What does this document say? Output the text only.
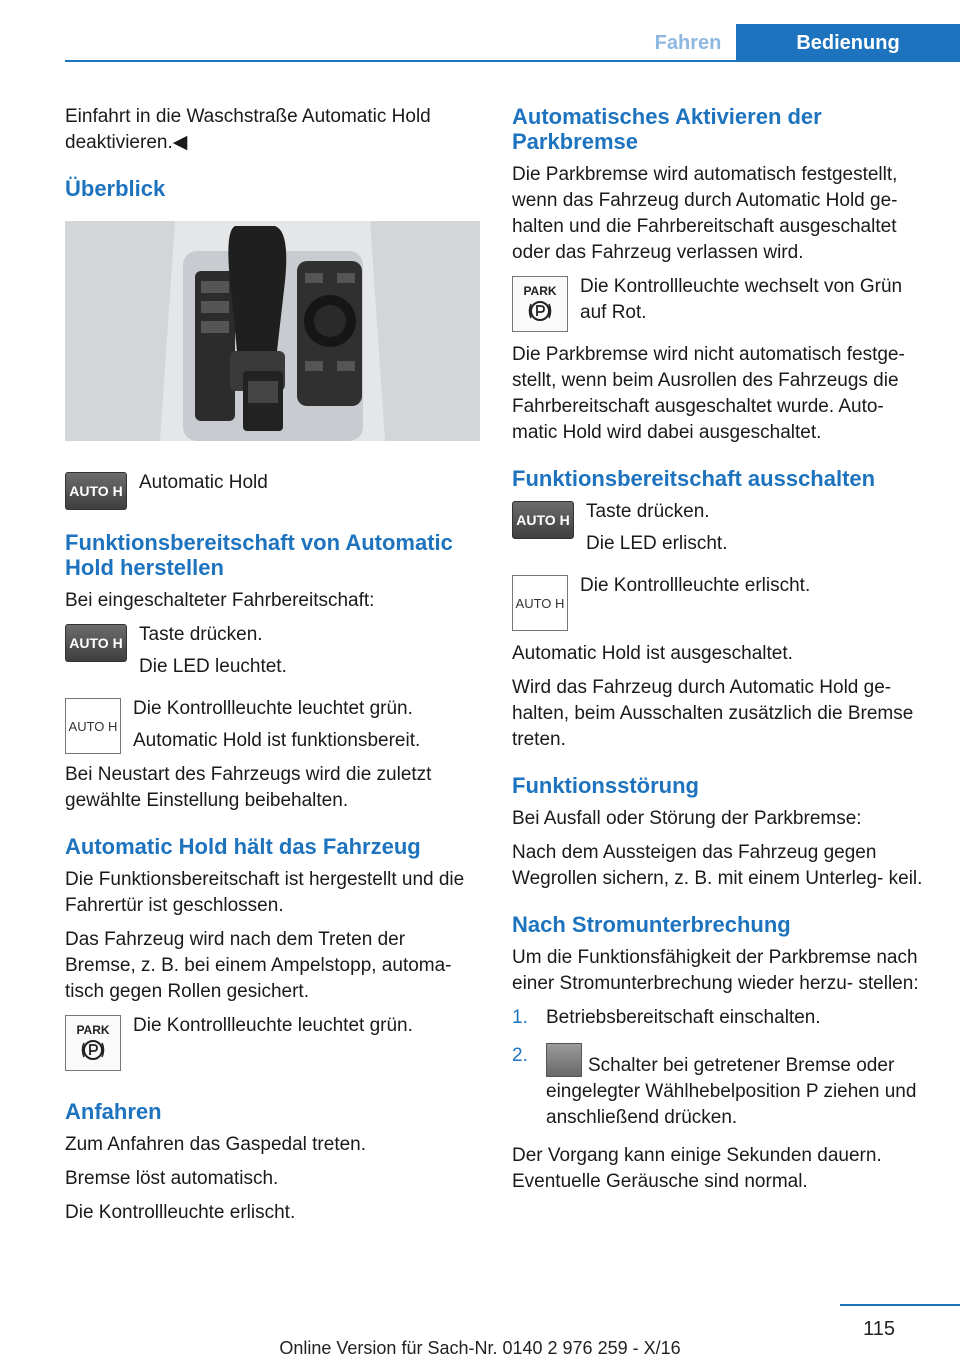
Fahren	Bedienung

Einfahrt in die Waschstraße Automatic Hold deaktivieren.◀

Überblick
AUTO H Automatic Hold

Funktionsbereitschaft von Automatic Hold herstellen

Bei eingeschalteter Fahrbereitschaft:

AUTO H Taste drücken.

Die LED leuchtet.

AUTO H

Die Kontrollleuchte leuchtet grün.

Automatic Hold ist funktionsbereit.

Bei Neustart des Fahrzeugs wird die zuletzt gewählte Einstellung beibehalten.

Automatic Hold hält das Fahrzeug

Die Funktionsbereitschaft ist hergestellt und die Fahrertür ist geschlossen.

Das Fahrzeug wird nach dem Treten der Bremse, z. B. bei einem Ampelstopp, automa‐ tisch gegen Rollen gesichert.

PARK Die Kontrollleuchte leuchtet grün.

Anfahren

Zum Anfahren das Gaspedal treten.

Bremse löst automatisch.

Die Kontrollleuchte erlischt.

Automatisches Aktivieren der Parkbremse

Die Parkbremse wird automatisch festgestellt, wenn das Fahrzeug durch Automatic Hold ge‐ halten und die Fahrbereitschaft ausgeschaltet oder das Fahrzeug verlassen wird.

PARK Die Kontrollleuchte wechselt von Grün auf Rot.

Die Parkbremse wird nicht automatisch festge‐ stellt, wenn beim Ausrollen des Fahrzeugs die Fahrbereitschaft ausgeschaltet wurde. Auto‐ matic Hold wird dabei ausgeschaltet.

Funktionsbereitschaft ausschalten
AUTO H Taste drücken.

Die LED erlischt.

AUTO H

Die Kontrollleuchte erlischt.

Automatic Hold ist ausgeschaltet.

Wird das Fahrzeug durch Automatic Hold ge‐ halten, beim Ausschalten zusätzlich die Bremse treten.

Funktionsstörung

Bei Ausfall oder Störung der Parkbremse:

Nach dem Aussteigen das Fahrzeug gegen Wegrollen sichern, z. B. mit einem Unterleg‐ keil.

Nach Stromunterbrechung

Um die Funktionsfähigkeit der Parkbremse nach einer Stromunterbrechung wieder herzu‐ stellen:

1. Betriebsbereitschaft einschalten.
2.	Schalter bei getretener Bremse oder eingelegter Wählhebelposition P ziehen und anschließend drücken.

Der Vorgang kann einige Sekunden dauern.

Eventuelle Geräusche sind normal.

115
Online Version für Sach-Nr. 0140 2 976 259 - X/16
